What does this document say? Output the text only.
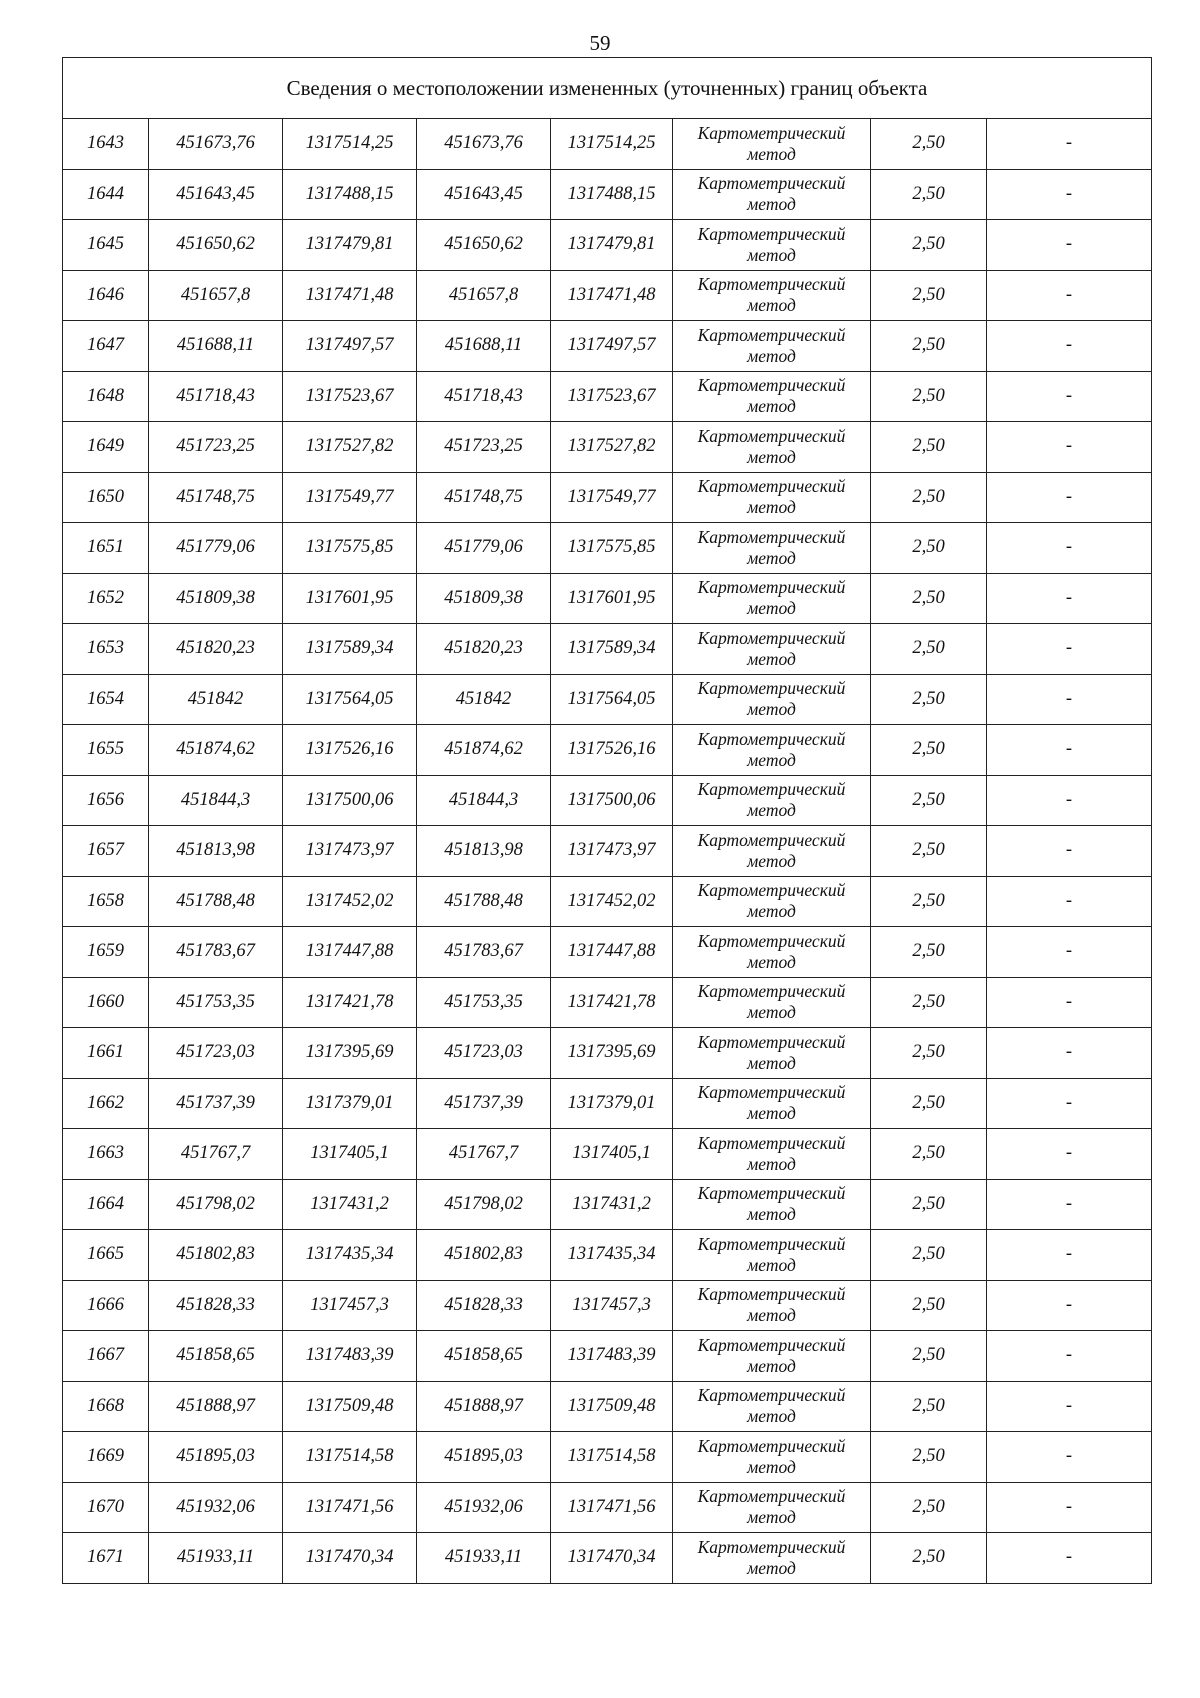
59
Сведения о местоположении измененных (уточненных) границ объекта							
1643	451673,76	1317514,25	451673,76	1317514,25	Картометрический метод	2,50	-
1644	451643,45	1317488,15	451643,45	1317488,15	Картометрический метод	2,50	-
1645	451650,62	1317479,81	451650,62	1317479,81	Картометрический метод	2,50	-
1646	451657,8	1317471,48	451657,8	1317471,48	Картометрический метод	2,50	-
1647	451688,11	1317497,57	451688,11	1317497,57	Картометрический метод	2,50	-
1648	451718,43	1317523,67	451718,43	1317523,67	Картометрический метод	2,50	-
1649	451723,25	1317527,82	451723,25	1317527,82	Картометрический метод	2,50	-
1650	451748,75	1317549,77	451748,75	1317549,77	Картометрический метод	2,50	-
1651	451779,06	1317575,85	451779,06	1317575,85	Картометрический метод	2,50	-
1652	451809,38	1317601,95	451809,38	1317601,95	Картометрический метод	2,50	-
1653	451820,23	1317589,34	451820,23	1317589,34	Картометрический метод	2,50	-
1654	451842	1317564,05	451842	1317564,05	Картометрический метод	2,50	-
1655	451874,62	1317526,16	451874,62	1317526,16	Картометрический метод	2,50	-
1656	451844,3	1317500,06	451844,3	1317500,06	Картометрический метод	2,50	-
1657	451813,98	1317473,97	451813,98	1317473,97	Картометрический метод	2,50	-
1658	451788,48	1317452,02	451788,48	1317452,02	Картометрический метод	2,50	-
1659	451783,67	1317447,88	451783,67	1317447,88	Картометрический метод	2,50	-
1660	451753,35	1317421,78	451753,35	1317421,78	Картометрический метод	2,50	-
1661	451723,03	1317395,69	451723,03	1317395,69	Картометрический метод	2,50	-
1662	451737,39	1317379,01	451737,39	1317379,01	Картометрический метод	2,50	-
1663	451767,7	1317405,1	451767,7	1317405,1	Картометрический метод	2,50	-
1664	451798,02	1317431,2	451798,02	1317431,2	Картометрический метод	2,50	-
1665	451802,83	1317435,34	451802,83	1317435,34	Картометрический метод	2,50	-
1666	451828,33	1317457,3	451828,33	1317457,3	Картометрический метод	2,50	-
1667	451858,65	1317483,39	451858,65	1317483,39	Картометрический метод	2,50	-
1668	451888,97	1317509,48	451888,97	1317509,48	Картометрический метод	2,50	-
1669	451895,03	1317514,58	451895,03	1317514,58	Картометрический метод	2,50	-
1670	451932,06	1317471,56	451932,06	1317471,56	Картометрический метод	2,50	-
1671	451933,11	1317470,34	451933,11	1317470,34	Картометрический метод	2,50	-
